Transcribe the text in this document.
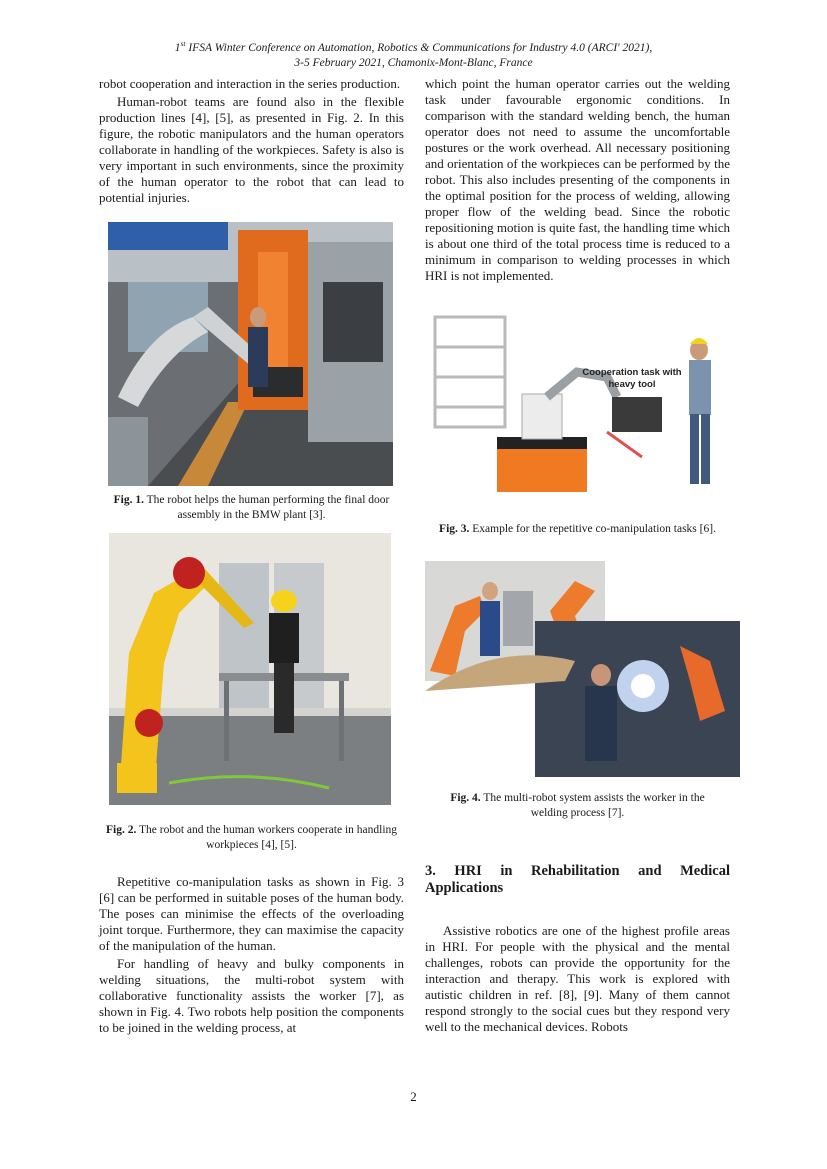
1st IFSA Winter Conference on Automation, Robotics & Communications for Industry 4.0 (ARCI' 2021),
3-5 February 2021, Chamonix-Mont-Blanc, France

robot cooperation and interaction in the series production.

Human-robot teams are found also in the flexible production lines [4], [5], as presented in Fig. 2. In this figure, the robotic manipulators and the human operators collaborate in handling of the workpieces. Safety is also is very important in such environments, since the proximity of the human operator to the robot that can lead to potential injuries.

Fig. 1. The robot helps the human performing the final door assembly in the BMW plant [3].
Fig. 2. The robot and the human workers cooperate in handling workpieces [4], [5].

Repetitive co-manipulation tasks as shown in Fig. 3 [6] can be performed in suitable poses of the human body. The poses can minimise the effects of the overloading joint torque. Furthermore, they can maximise the capacity of the manipulation of the human.

For handling of heavy and bulky components in welding situations, the multi-robot system with collaborative functionality assists the worker [7], as shown in Fig. 4. Two robots help position the components to be joined in the welding process, at

which point the human operator carries out the welding task under favourable ergonomic conditions. In comparison with the standard welding bench, the human operator does not need to assume the uncomfortable postures or the work overhead. All necessary positioning and orientation of the workpieces can be performed by the robot. This also includes presenting of the components in the optimal position for the process of welding, allowing proper flow of the welding bead. Since the robotic repositioning motion is quite fast, the handling time which is about one third of the total process time is reduced to a minimum in comparison to welding processes in which HRI is not implemented.

Cooperation task with
heavy tool
Fig. 3. Example for the repetitive co-manipulation tasks [6].
Fig. 4. The multi-robot system assists the worker in the welding process [7].
3. HRI in Rehabilitation and Medical Applications

Assistive robotics are one of the highest profile areas in HRI. For people with the physical and the mental challenges, robots can provide the opportunity for the interaction and therapy. This work is explored with autistic children in ref. [8], [9]. Many of them cannot respond strongly to the social cues but they respond very well to the mechanical devices. Robots

2
